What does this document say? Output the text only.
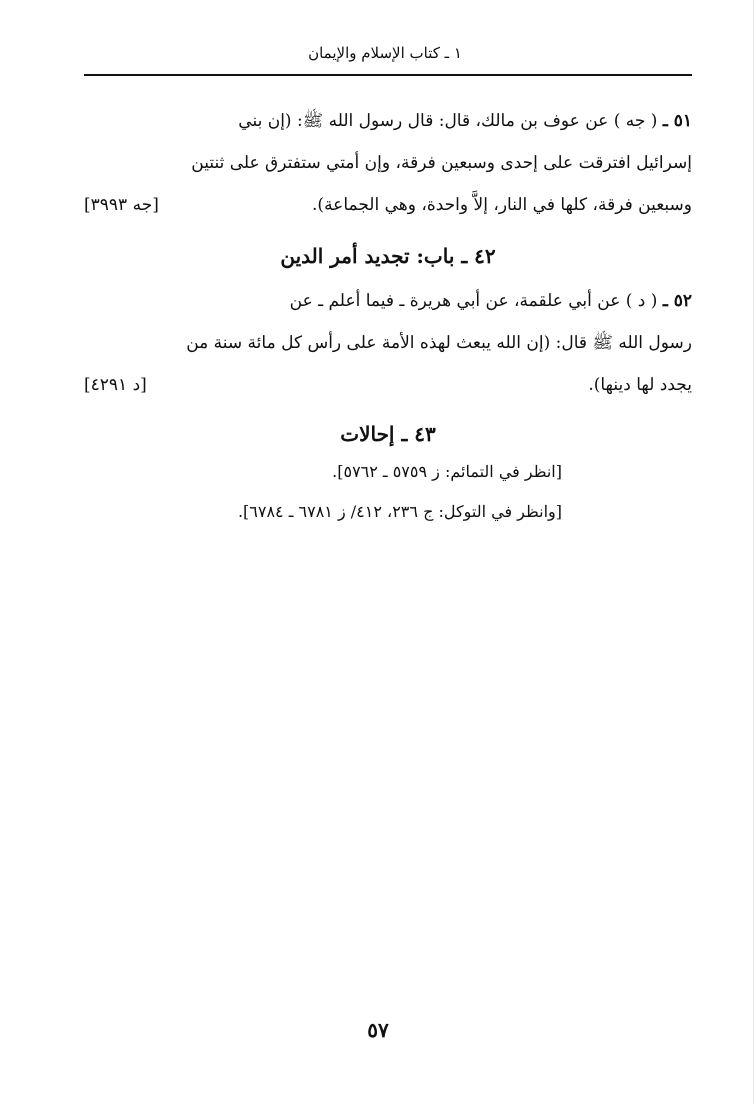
١ ـ كتاب الإسلام والإيمان
٥١ ـ ( جه ) عن عوف بن مالك، قال: قال رسول الله ﷺ: (إن بني
إسرائيل افترقت على إحدى وسبعين فرقة، وإن أمتي ستفترق على ثنتين
وسبعين فرقة، كلها في النار، إلاَّ واحدة، وهي الجماعة).
[جه ٣٩٩٣]
٤٢ ـ باب: تجديد أمر الدين
٥٢ ـ ( د ) عن أبي علقمة، عن أبي هريرة ـ فيما أعلم ـ عن
رسول الله ﷺ قال: (إن الله يبعث لهذه الأمة على رأس كل مائة سنة من
يجدد لها دينها).
[د ٤٢٩١]
٤٣ ـ إحالات
[انظر في التمائم: ز ٥٧٥٩ ـ ٥٧٦٢].
[وانظر في التوكل: ج ٢٣٦، ٤١٢/ ز ٦٧٨١ ـ ٦٧٨٤].
٥٧
